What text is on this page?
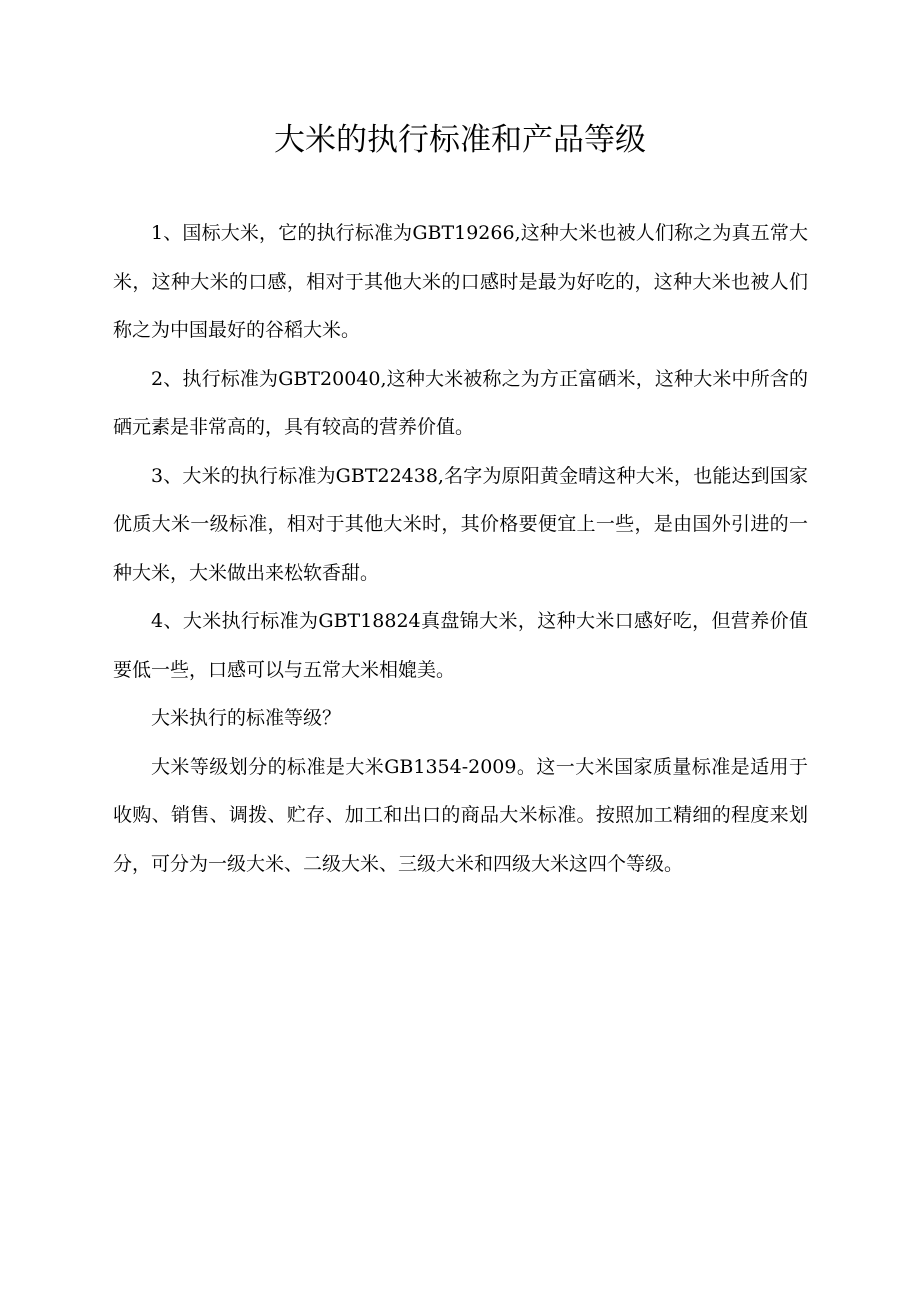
大米的执行标准和产品等级

1、国标大米，它的执行标准为GBT19266,这种大米也被人们称之为真五常大米，这种大米的口感，相对于其他大米的口感时是最为好吃的，这种大米也被人们称之为中国最好的谷稻大米。

2、执行标准为GBT20040,这种大米被称之为方正富硒米，这种大米中所含的硒元素是非常高的，具有较高的营养价值。

3、大米的执行标准为GBT22438,名字为原阳黄金晴这种大米，也能达到国家优质大米一级标准，相对于其他大米时，其价格要便宜上一些，是由国外引进的一种大米，大米做出来松软香甜。

4、大米执行标准为GBT18824真盘锦大米，这种大米口感好吃，但营养价值要低一些，口感可以与五常大米相媲美。

大米执行的标准等级？

大米等级划分的标准是大米GB1354-2009。这一大米国家质量标准是适用于收购、销售、调拨、贮存、加工和出口的商品大米标准。按照加工精细的程度来划分，可分为一级大米、二级大米、三级大米和四级大米这四个等级。
